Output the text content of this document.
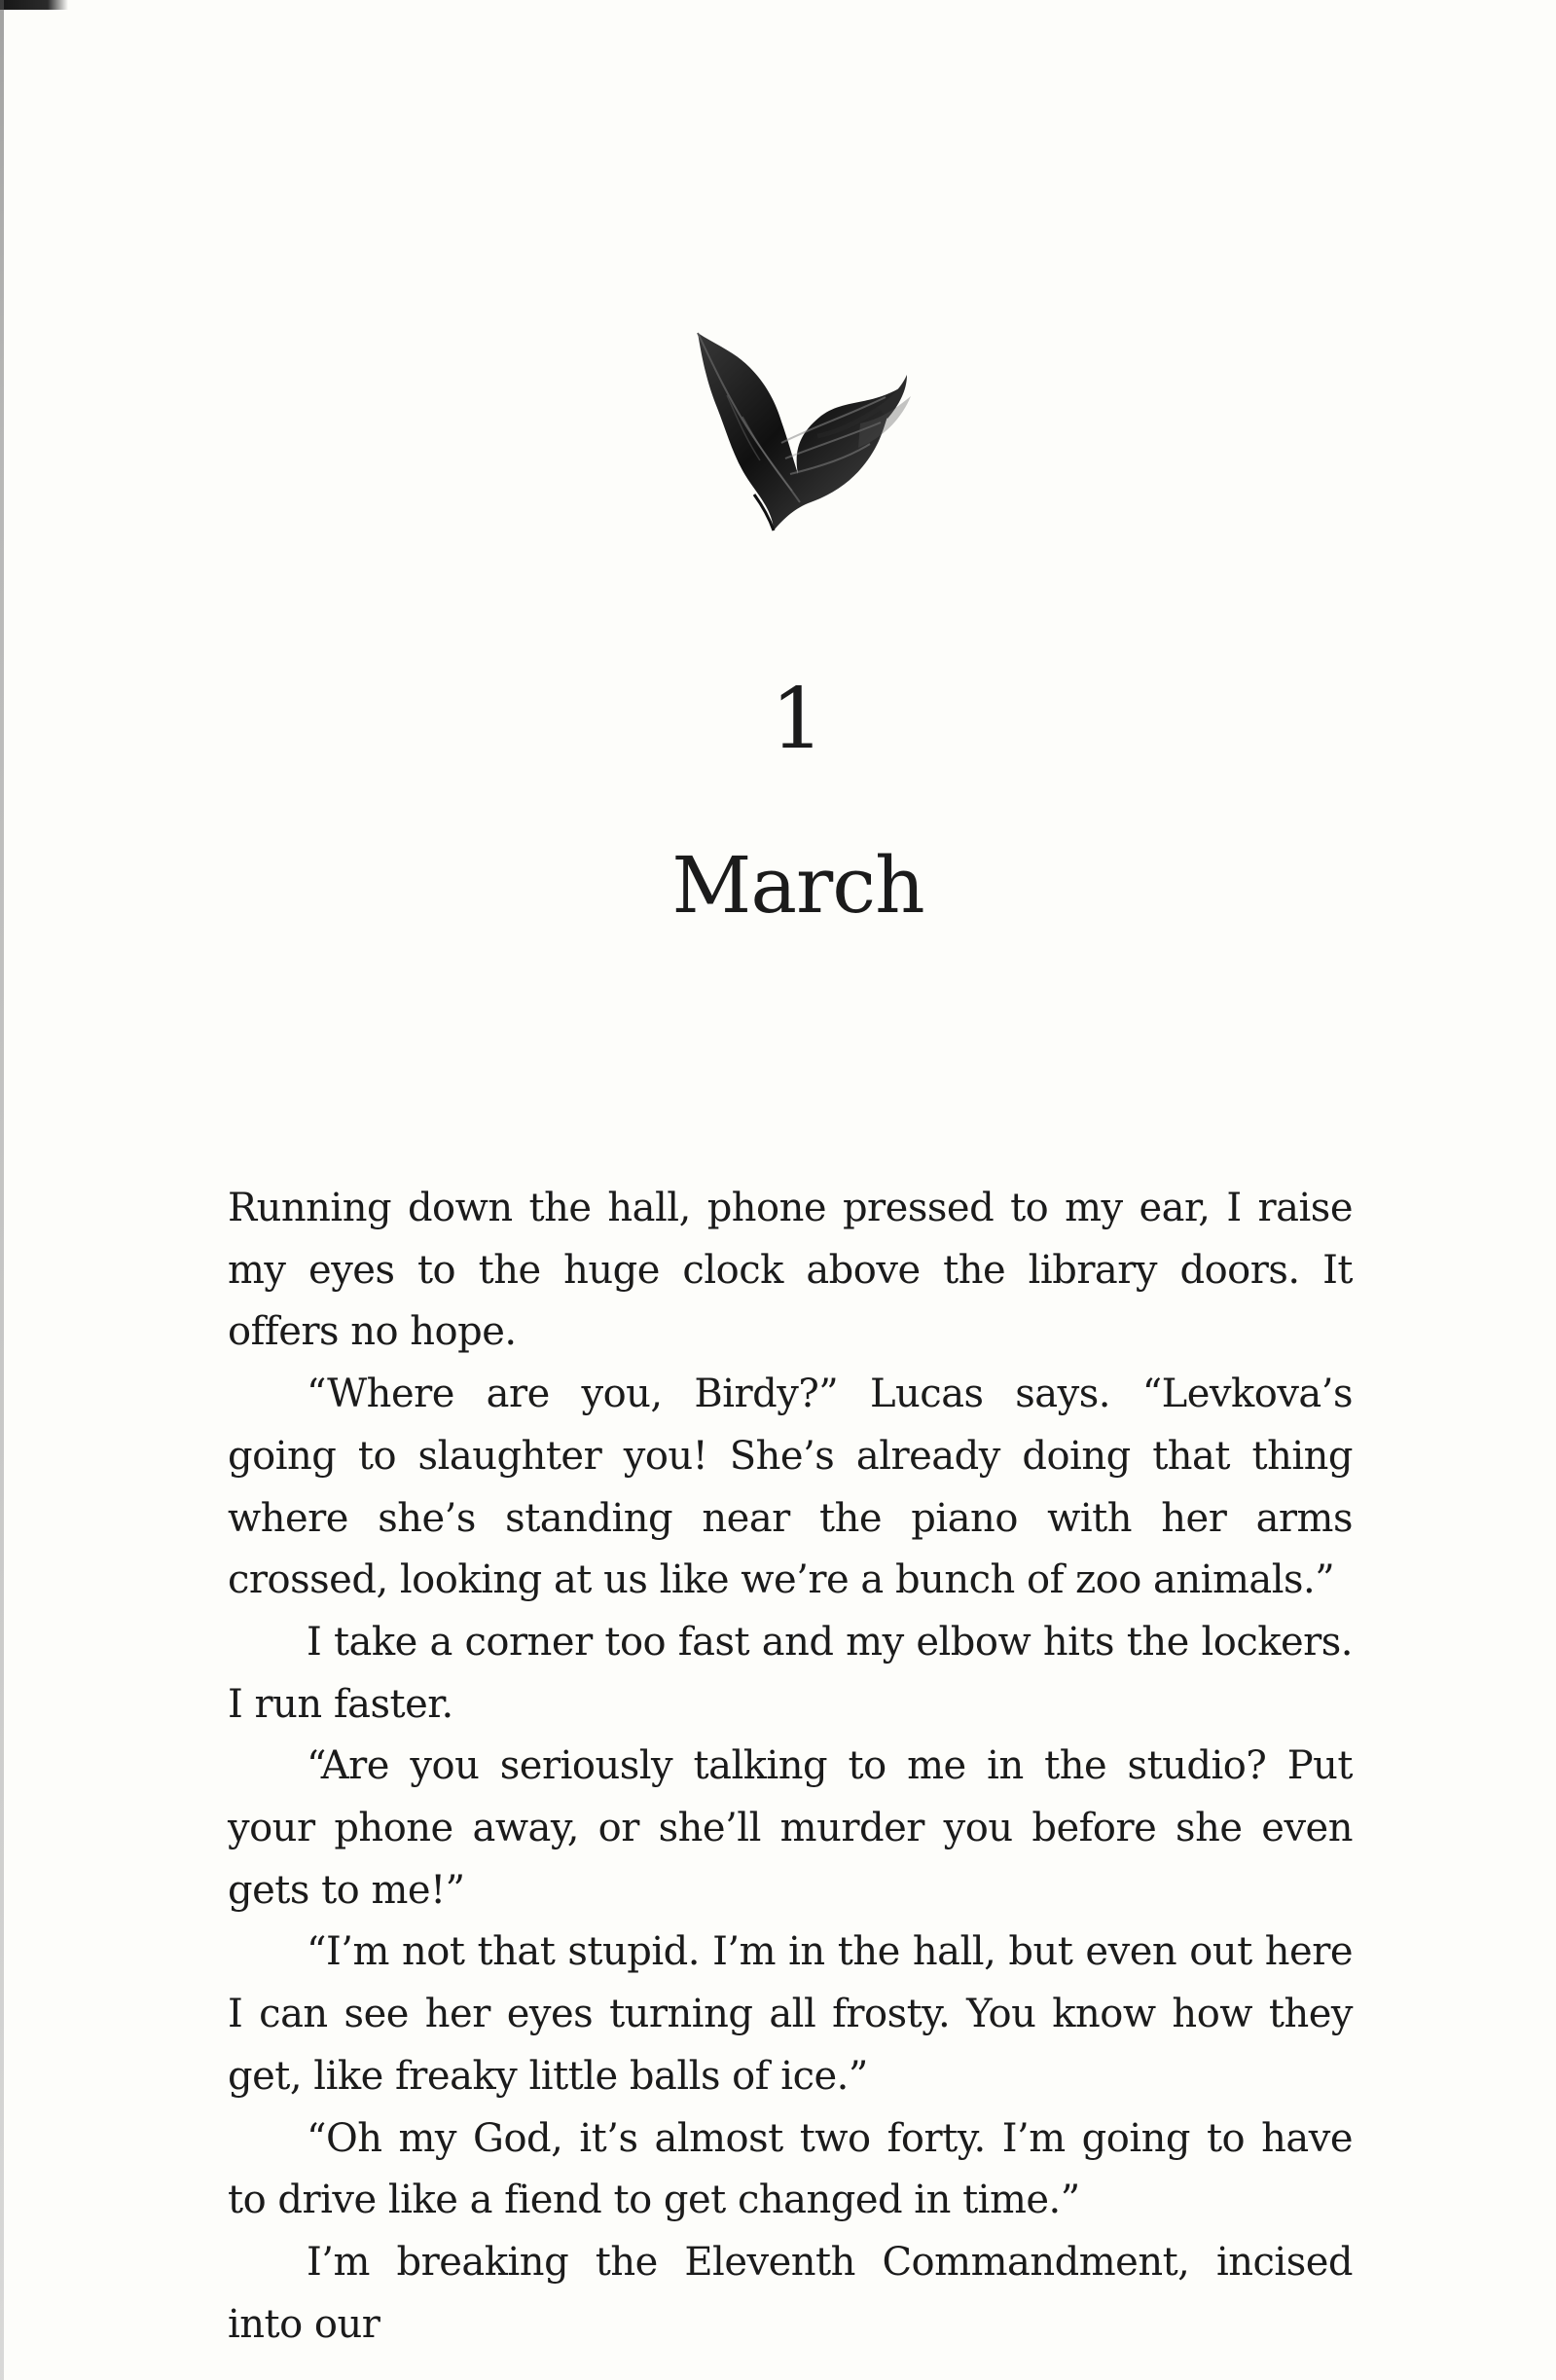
1
March

Running down the hall, phone pressed to my ear, I raise my eyes to the huge clock above the library doors. It offers no hope.

“Where are you, Birdy?” Lucas says. “Levkova’s going to slaughter you! She’s already doing that thing where she’s standing near the piano with her arms crossed, looking at us like we’re a bunch of zoo animals.”

I take a corner too fast and my elbow hits the lockers. I run faster.

“Are you seriously talking to me in the studio? Put your phone away, or she’ll murder you before she even gets to me!”

“I’m not that stupid. I’m in the hall, but even out here I can see her eyes turning all frosty. You know how they get, like freaky little balls of ice.”

“Oh my God, it’s almost two forty. I’m going to have to drive like a fiend to get changed in time.”

I’m breaking the Eleventh Commandment, incised into our
